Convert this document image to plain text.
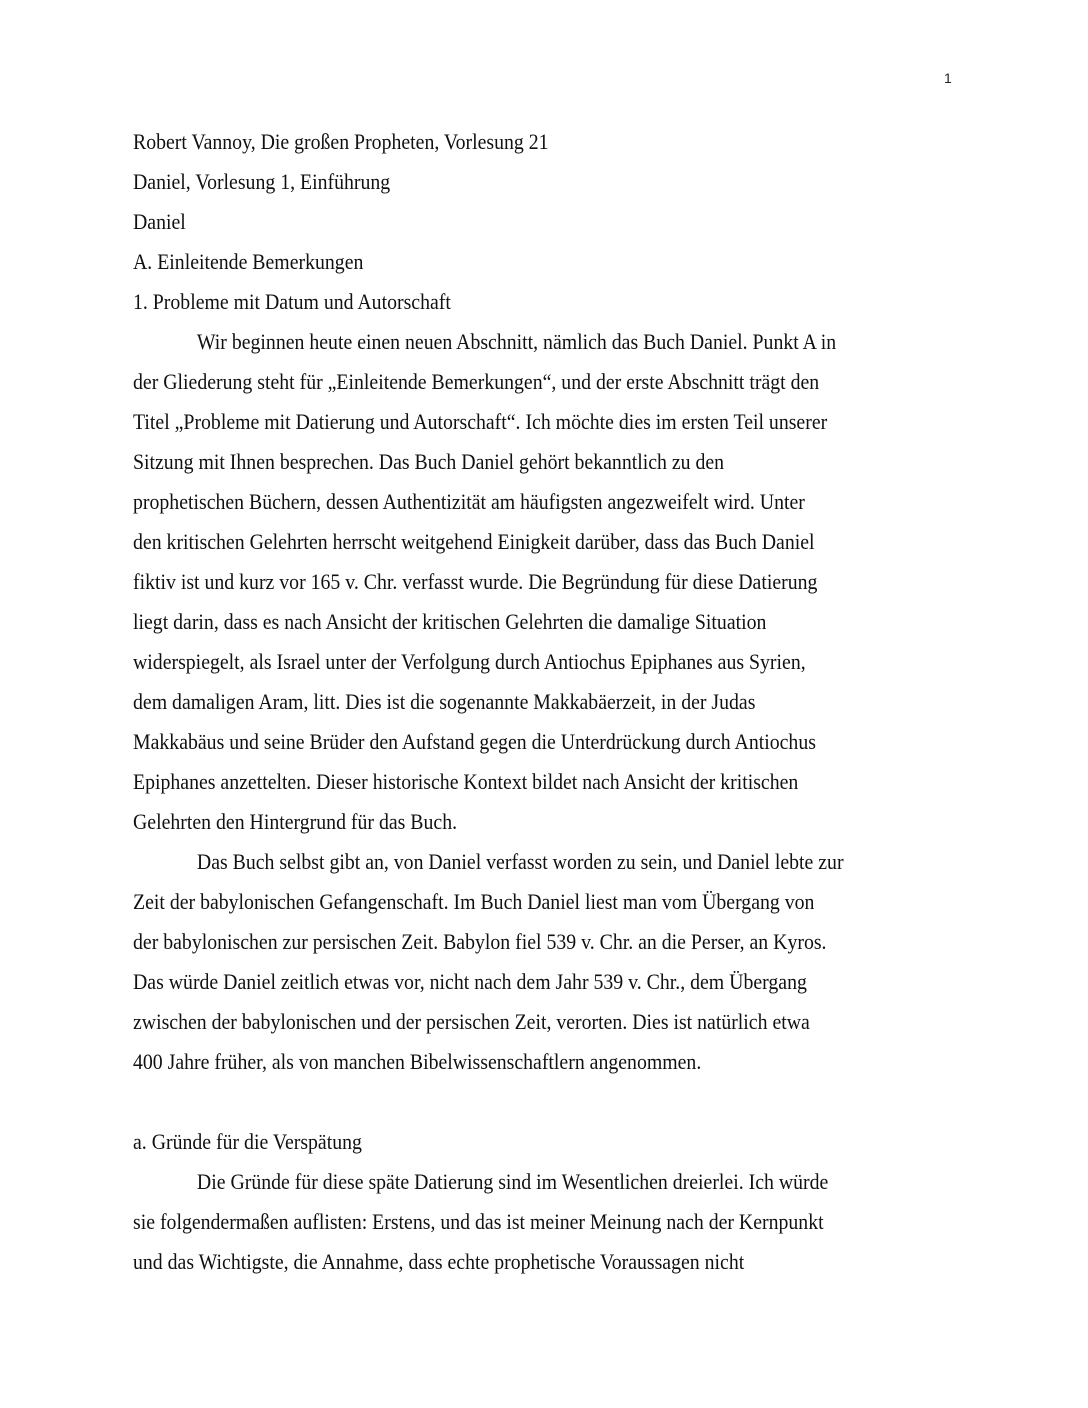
1
Robert Vannoy, Die großen Propheten, Vorlesung 21
Daniel, Vorlesung 1, Einführung
Daniel
A. Einleitende Bemerkungen
1. Probleme mit Datum und Autorschaft
Wir beginnen heute einen neuen Abschnitt, nämlich das Buch Daniel. Punkt A in
der Gliederung steht für „Einleitende Bemerkungen“, und der erste Abschnitt trägt den
Titel „Probleme mit Datierung und Autorschaft“. Ich möchte dies im ersten Teil unserer
Sitzung mit Ihnen besprechen. Das Buch Daniel gehört bekanntlich zu den
prophetischen Büchern, dessen Authentizität am häufigsten angezweifelt wird. Unter
den kritischen Gelehrten herrscht weitgehend Einigkeit darüber, dass das Buch Daniel
fiktiv ist und kurz vor 165 v. Chr. verfasst wurde. Die Begründung für diese Datierung
liegt darin, dass es nach Ansicht der kritischen Gelehrten die damalige Situation
widerspiegelt, als Israel unter der Verfolgung durch Antiochus Epiphanes aus Syrien,
dem damaligen Aram, litt. Dies ist die sogenannte Makkabäerzeit, in der Judas
Makkabäus und seine Brüder den Aufstand gegen die Unterdrückung durch Antiochus
Epiphanes anzettelten. Dieser historische Kontext bildet nach Ansicht der kritischen
Gelehrten den Hintergrund für das Buch.
Das Buch selbst gibt an, von Daniel verfasst worden zu sein, und Daniel lebte zur
Zeit der babylonischen Gefangenschaft. Im Buch Daniel liest man vom Übergang von
der babylonischen zur persischen Zeit. Babylon fiel 539 v. Chr. an die Perser, an Kyros.
Das würde Daniel zeitlich etwas vor, nicht nach dem Jahr 539 v. Chr., dem Übergang
zwischen der babylonischen und der persischen Zeit, verorten. Dies ist natürlich etwa
400 Jahre früher, als von manchen Bibelwissenschaftlern angenommen.
a. Gründe für die Verspätung
Die Gründe für diese späte Datierung sind im Wesentlichen dreierlei. Ich würde
sie folgendermaßen auflisten: Erstens, und das ist meiner Meinung nach der Kernpunkt
und das Wichtigste, die Annahme, dass echte prophetische Voraussagen nicht
